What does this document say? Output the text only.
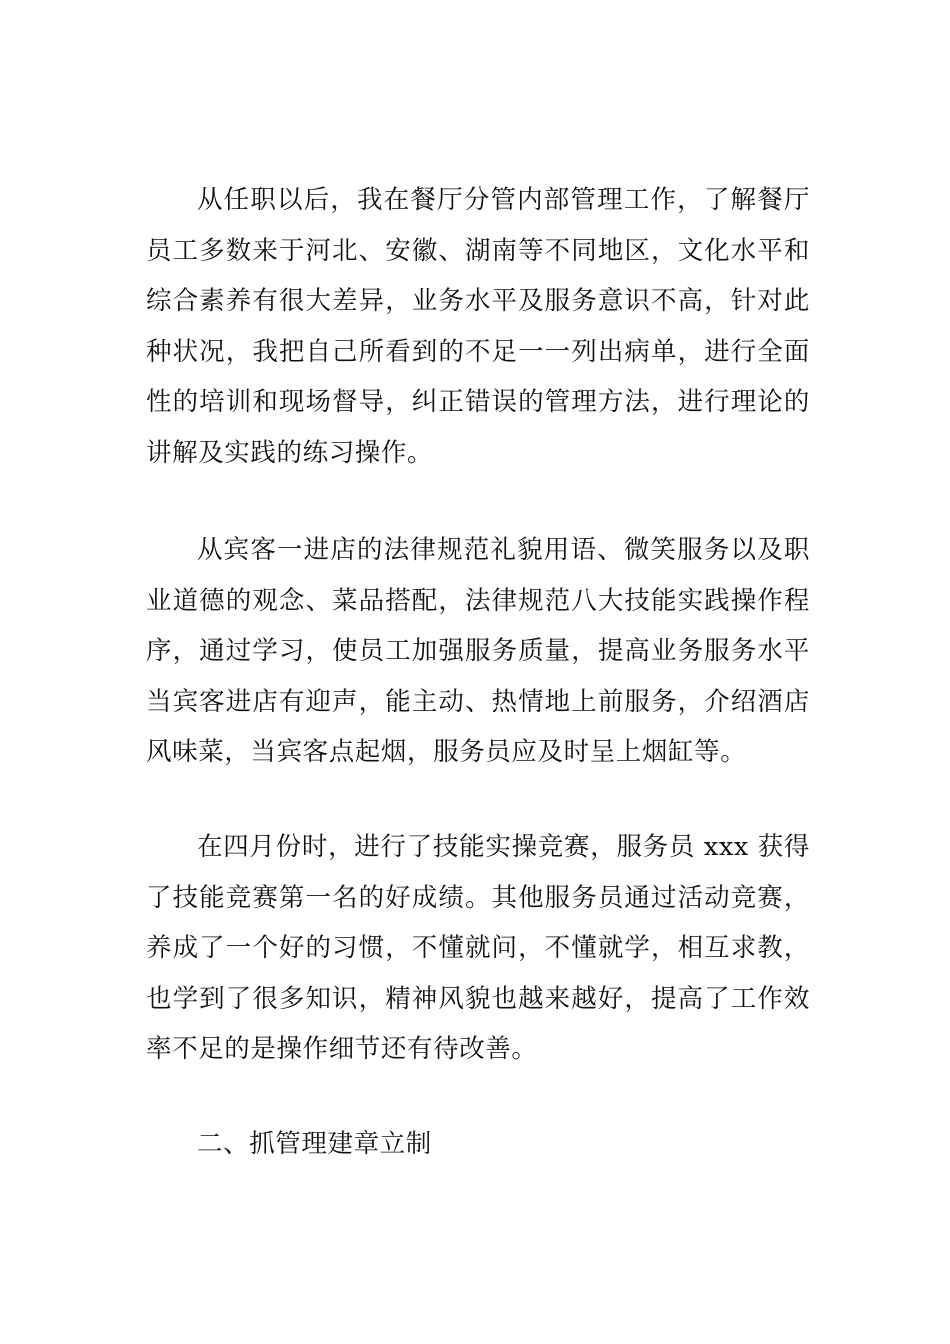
从任职以后，我在餐厅分管内部管理工作，了解餐厅员工多数来于河北、安徽、湖南等不同地区，文化水平和综合素养有很大差异，业务水平及服务意识不高，针对此种状况，我把自己所看到的不足一一列出病单，进行全面性的培训和现场督导，纠正错误的管理方法，进行理论的讲解及实践的练习操作。

从宾客一进店的法律规范礼貌用语、微笑服务以及职业道德的观念、菜品搭配，法律规范八大技能实践操作程序，通过学习，使员工加强服务质量，提高业务服务水平当宾客进店有迎声，能主动、热情地上前服务，介绍酒店风味菜，当宾客点起烟，服务员应及时呈上烟缸等。

在四月份时，进行了技能实操竞赛，服务员 xxx 获得了技能竞赛第一名的好成绩。其他服务员通过活动竞赛，养成了一个好的习惯，不懂就问，不懂就学，相互求教，也学到了很多知识，精神风貌也越来越好，提高了工作效率不足的是操作细节还有待改善。

二、抓管理建章立制
